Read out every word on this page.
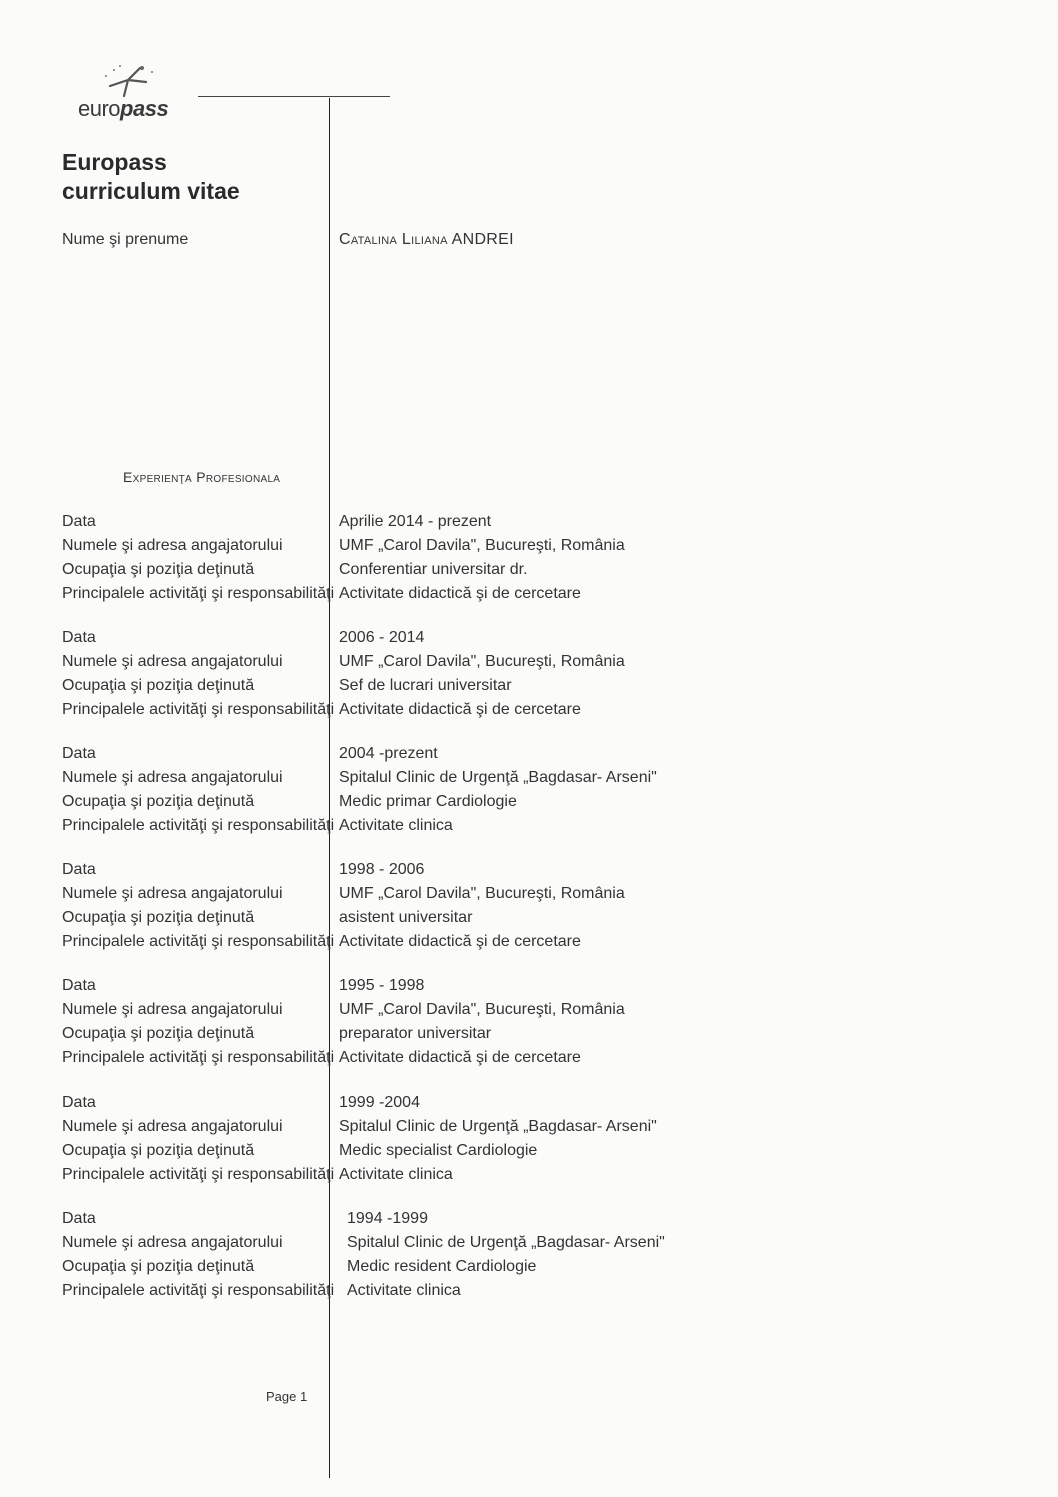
europass
Europass
curriculum vitae
Nume şi prenume	Catalina Liliana ANDREI
Experienţa Profesionala
Data
Numele şi adresa angajatorului
Ocupaţia şi poziţia deţinută
Principalele activităţi şi responsabilităţi
Aprilie 2014 - prezent
UMF „Carol Davila", Bucureşti, România
Conferentiar universitar dr.
Activitate didactică şi de cercetare
Data
Numele şi adresa angajatorului
Ocupaţia şi poziţia deţinută
Principalele activităţi şi responsabilităţi
2006 - 2014
UMF „Carol Davila", Bucureşti, România
Sef de lucrari universitar
Activitate didactică şi de cercetare
Data
Numele şi adresa angajatorului
Ocupaţia şi poziţia deţinută
Principalele activităţi şi responsabilităţi
2004 -prezent
Spitalul Clinic de Urgenţă „Bagdasar- Arseni"
Medic primar Cardiologie
Activitate clinica
Data
Numele şi adresa angajatorului
Ocupaţia şi poziţia deţinută
Principalele activităţi şi responsabilităţi
1998 - 2006
UMF „Carol Davila", Bucureşti, România
asistent universitar
Activitate didactică şi de cercetare
Data
Numele şi adresa angajatorului
Ocupaţia şi poziţia deţinută
Principalele activităţi şi responsabilităţi
1995 - 1998
UMF „Carol Davila", Bucureşti, România
preparator universitar
Activitate didactică şi de cercetare
Data
Numele şi adresa angajatorului
Ocupaţia şi poziţia deţinută
Principalele activităţi şi responsabilităţi
1999 -2004
Spitalul Clinic de Urgenţă „Bagdasar- Arseni"
Medic specialist Cardiologie
Activitate clinica
Data
Numele şi adresa angajatorului
Ocupaţia şi poziţia deţinută
Principalele activităţi şi responsabilităţi
1994 -1999
Spitalul Clinic de Urgenţă „Bagdasar- Arseni"
Medic resident Cardiologie
Activitate clinica
Page 1
